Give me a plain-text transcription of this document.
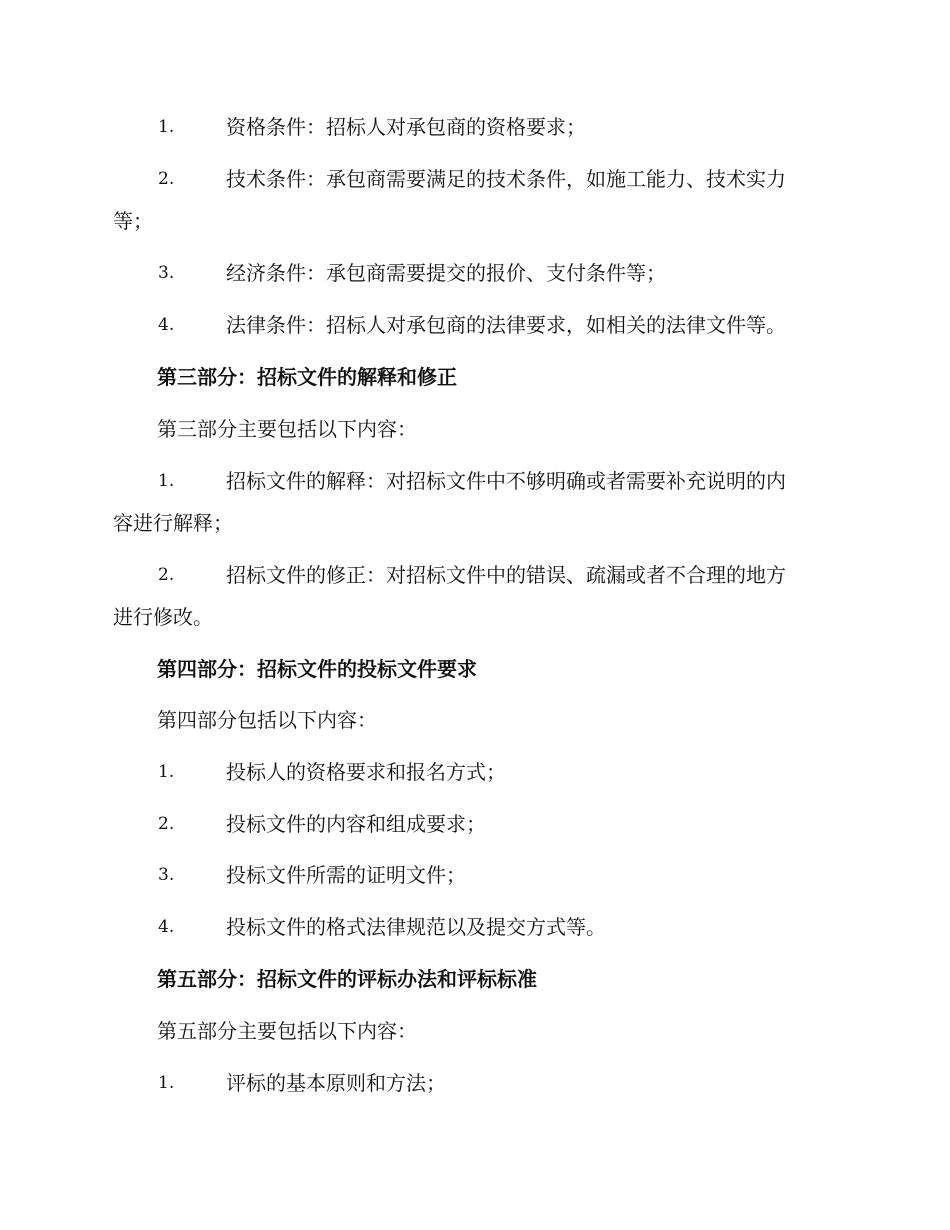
1.	资格条件：招标人对承包商的资格要求；
2.	技术条件：承包商需要满足的技术条件，如施工能力、技术实力
等；
3.	经济条件：承包商需要提交的报价、支付条件等；
4.	法律条件：招标人对承包商的法律要求，如相关的法律文件等。
第三部分：招标文件的解释和修正
第三部分主要包括以下内容：
1.	招标文件的解释：对招标文件中不够明确或者需要补充说明的内
容进行解释；
2.	招标文件的修正：对招标文件中的错误、疏漏或者不合理的地方
进行修改。
第四部分：招标文件的投标文件要求
第四部分包括以下内容：
1.	投标人的资格要求和报名方式；
2.	投标文件的内容和组成要求；
3.	投标文件所需的证明文件；
4.	投标文件的格式法律规范以及提交方式等。
第五部分：招标文件的评标办法和评标标准
第五部分主要包括以下内容：
1.	评标的基本原则和方法；
